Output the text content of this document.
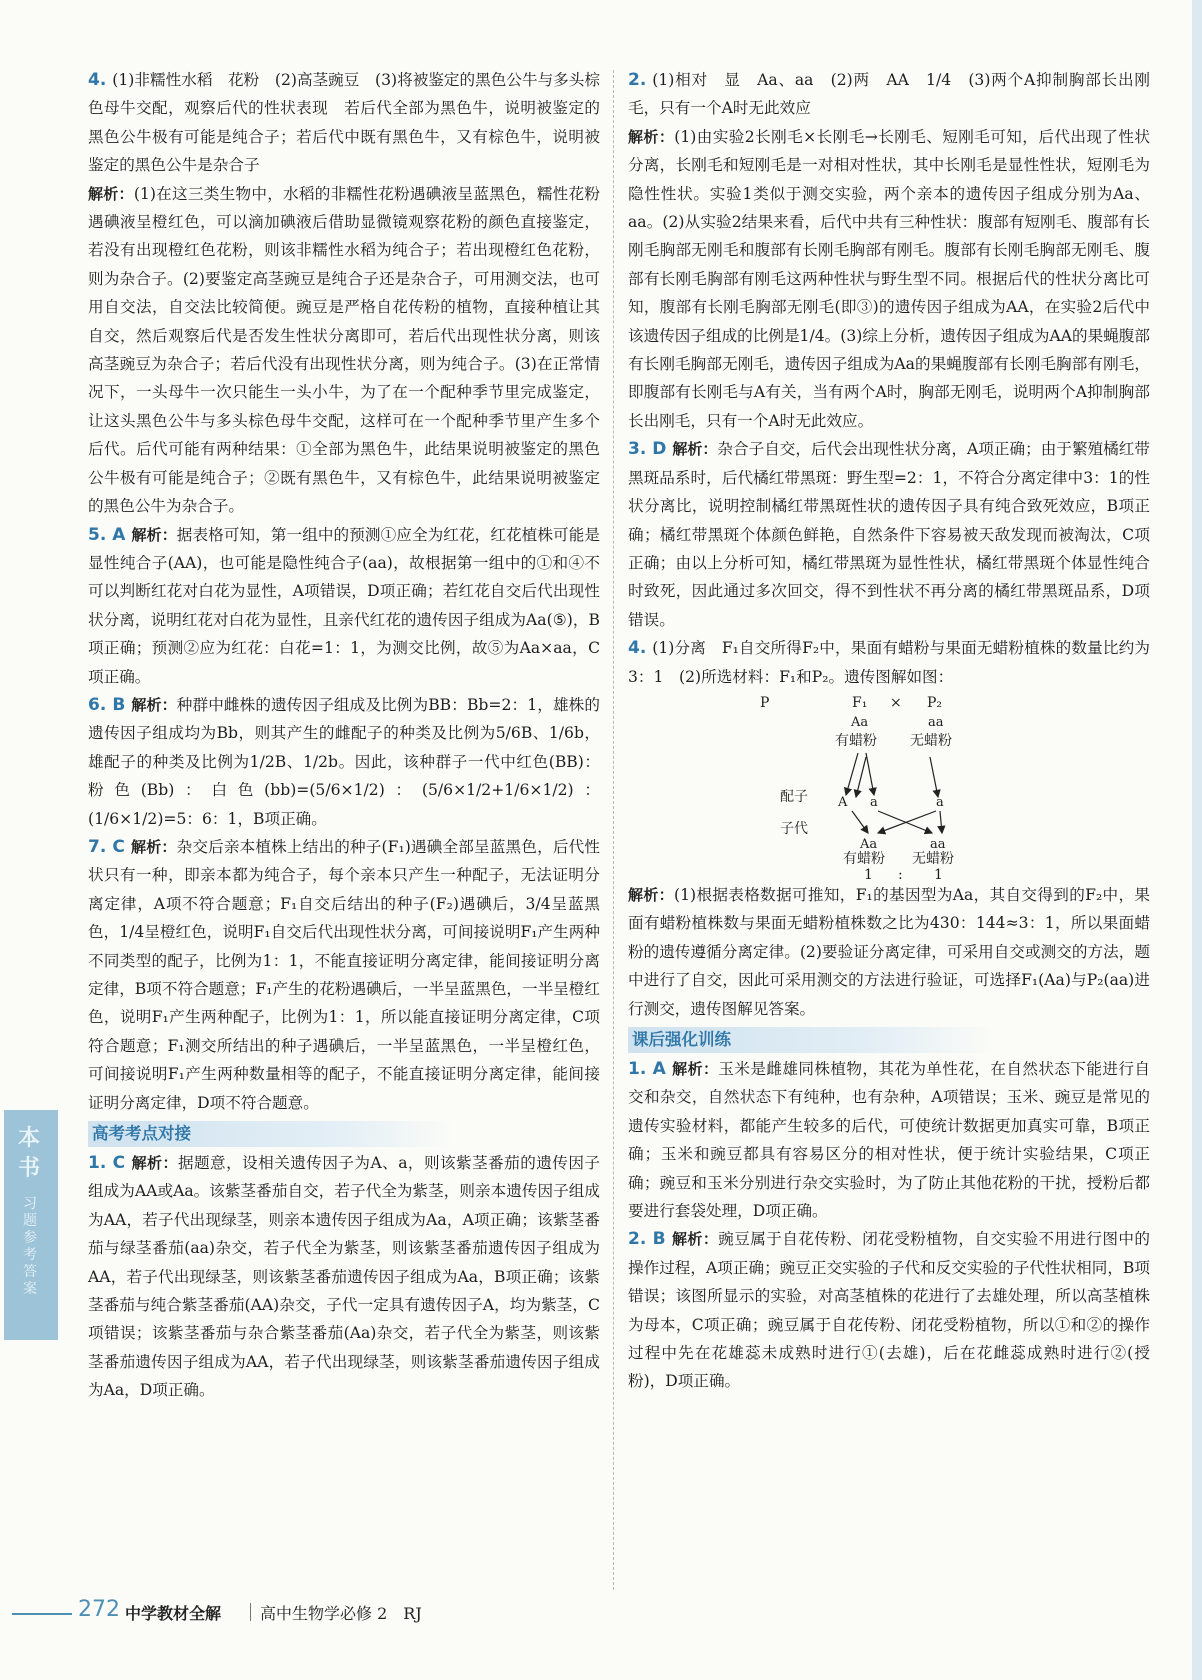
4. (1)非糯性水稻　花粉　(2)高茎豌豆　(3)将被鉴定的黑色公牛与多头棕色母牛交配，观察后代的性状表现　若后代全部为黑色牛，说明被鉴定的黑色公牛极有可能是纯合子；若后代中既有黑色牛，又有棕色牛，说明被鉴定的黑色公牛是杂合子

解析：(1)在这三类生物中，水稻的非糯性花粉遇碘液呈蓝黑色，糯性花粉遇碘液呈橙红色，可以滴加碘液后借助显微镜观察花粉的颜色直接鉴定，若没有出现橙红色花粉，则该非糯性水稻为纯合子；若出现橙红色花粉，则为杂合子。(2)要鉴定高茎豌豆是纯合子还是杂合子，可用测交法，也可用自交法，自交法比较简便。豌豆是严格自花传粉的植物，直接种植让其自交，然后观察后代是否发生性状分离即可，若后代出现性状分离，则该高茎豌豆为杂合子；若后代没有出现性状分离，则为纯合子。(3)在正常情况下，一头母牛一次只能生一头小牛，为了在一个配种季节里完成鉴定，让这头黑色公牛与多头棕色母牛交配，这样可在一个配种季节里产生多个后代。后代可能有两种结果：①全部为黑色牛，此结果说明被鉴定的黑色公牛极有可能是纯合子；②既有黑色牛，又有棕色牛，此结果说明被鉴定的黑色公牛为杂合子。

5. A 解析：据表格可知，第一组中的预测①应全为红花，红花植株可能是显性纯合子(AA)，也可能是隐性纯合子(aa)，故根据第一组中的①和④不可以判断红花对白花为显性，A项错误，D项正确；若红花自交后代出现性状分离，说明红花对白花为显性，且亲代红花的遗传因子组成为Aa(⑤)，B项正确；预测②应为红花：白花=1：1，为测交比例，故⑤为Aa×aa，C项正确。

6. B 解析：种群中雌株的遗传因子组成及比例为BB：Bb=2：1，雄株的遗传因子组成均为Bb，则其产生的雌配子的种类及比例为5/6B、1/6b，雄配子的种类及比例为1/2B、1/2b。因此，该种群子一代中红色(BB)：粉色(Bb)：白色(bb)=(5/6×1/2)：(5/6×1/2+1/6×1/2)：(1/6×1/2)=5：6：1，B项正确。

7. C 解析：杂交后亲本植株上结出的种子(F₁)遇碘全部呈蓝黑色，后代性状只有一种，即亲本都为纯合子，每个亲本只产生一种配子，无法证明分离定律，A项不符合题意；F₁自交后结出的种子(F₂)遇碘后，3/4呈蓝黑色，1/4呈橙红色，说明F₁自交后代出现性状分离，可间接说明F₁产生两种不同类型的配子，比例为1：1，不能直接证明分离定律，能间接证明分离定律，B项不符合题意；F₁产生的花粉遇碘后，一半呈蓝黑色，一半呈橙红色，说明F₁产生两种配子，比例为1：1，所以能直接证明分离定律，C项符合题意；F₁测交所结出的种子遇碘后，一半呈蓝黑色，一半呈橙红色，可间接说明F₁产生两种数量相等的配子，不能直接证明分离定律，能间接证明分离定律，D项不符合题意。

高考考点对接

1. C 解析：据题意，设相关遗传因子为A、a，则该紫茎番茄的遗传因子组成为AA或Aa。该紫茎番茄自交，若子代全为紫茎，则亲本遗传因子组成为AA，若子代出现绿茎，则亲本遗传因子组成为Aa，A项正确；该紫茎番茄与绿茎番茄(aa)杂交，若子代全为紫茎，则该紫茎番茄遗传因子组成为AA，若子代出现绿茎，则该紫茎番茄遗传因子组成为Aa，B项正确；该紫茎番茄与纯合紫茎番茄(AA)杂交，子代一定具有遗传因子A，均为紫茎，C项错误；该紫茎番茄与杂合紫茎番茄(Aa)杂交，若子代全为紫茎，则该紫茎番茄遗传因子组成为AA，若子代出现绿茎，则该紫茎番茄遗传因子组成为Aa，D项正确。

2. (1)相对　显　Aa、aa　(2)两　AA　1/4　(3)两个A抑制胸部长出刚毛，只有一个A时无此效应

解析：(1)由实验2长刚毛×长刚毛→长刚毛、短刚毛可知，后代出现了性状分离，长刚毛和短刚毛是一对相对性状，其中长刚毛是显性性状，短刚毛为隐性性状。实验1类似于测交实验，两个亲本的遗传因子组成分别为Aa、aa。(2)从实验2结果来看，后代中共有三种性状：腹部有短刚毛、腹部有长刚毛胸部无刚毛和腹部有长刚毛胸部有刚毛。腹部有长刚毛胸部无刚毛、腹部有长刚毛胸部有刚毛这两种性状与野生型不同。根据后代的性状分离比可知，腹部有长刚毛胸部无刚毛(即③)的遗传因子组成为AA，在实验2后代中该遗传因子组成的比例是1/4。(3)综上分析，遗传因子组成为AA的果蝇腹部有长刚毛胸部无刚毛，遗传因子组成为Aa的果蝇腹部有长刚毛胸部有刚毛，即腹部有长刚毛与A有关，当有两个A时，胸部无刚毛，说明两个A抑制胸部长出刚毛，只有一个A时无此效应。

3. D 解析：杂合子自交，后代会出现性状分离，A项正确；由于繁殖橘红带黑斑品系时，后代橘红带黑斑：野生型=2：1，不符合分离定律中3：1的性状分离比，说明控制橘红带黑斑性状的遗传因子具有纯合致死效应，B项正确；橘红带黑斑个体颜色鲜艳，自然条件下容易被天敌发现而被淘汰，C项正确；由以上分析可知，橘红带黑斑为显性性状，橘红带黑斑个体显性纯合时致死，因此通过多次回交，得不到性状不再分离的橘红带黑斑品系，D项错误。

4. (1)分离　F₁自交所得F₂中，果面有蜡粉与果面无蜡粉植株的数量比约为3：1　(2)所选材料：F₁和P₂。遗传图解如图：

P	F₁ × P₂
Aa	aa
有蜡粉 无蜡粉
配子 A a	a
子代
Aa	aa
有蜡粉 无蜡粉
1 : 1

解析：(1)根据表格数据可推知，F₁的基因型为Aa，其自交得到的F₂中，果面有蜡粉植株数与果面无蜡粉植株数之比为430：144≈3：1，所以果面蜡粉的遗传遵循分离定律。(2)要验证分离定律，可采用自交或测交的方法，题中进行了自交，因此可采用测交的方法进行验证，可选择F₁(Aa)与P₂(aa)进行测交，遗传图解见答案。

课后强化训练

1. A 解析：玉米是雌雄同株植物，其花为单性花，在自然状态下能进行自交和杂交，自然状态下有纯种，也有杂种，A项错误；玉米、豌豆是常见的遗传实验材料，都能产生较多的后代，可使统计数据更加真实可靠，B项正确；玉米和豌豆都具有容易区分的相对性状，便于统计实验结果，C项正确；豌豆和玉米分别进行杂交实验时，为了防止其他花粉的干扰，授粉后都要进行套袋处理，D项正确。

2. B 解析：豌豆属于自花传粉、闭花受粉植物，自交实验不用进行图中的操作过程，A项正确；豌豆正交实验的子代和反交实验的子代性状相同，B项错误；该图所显示的实验，对高茎植株的花进行了去雄处理，所以高茎植株为母本，C项正确；豌豆属于自花传粉、闭花受粉植物，所以①和②的操作过程中先在花雄蕊未成熟时进行①(去雄)，后在花雌蕊成熟时进行②(授粉)，D项正确。

本
书
习
题
参
考
答
案
272 中学教材全解 高中生物学必修 2　RJ
